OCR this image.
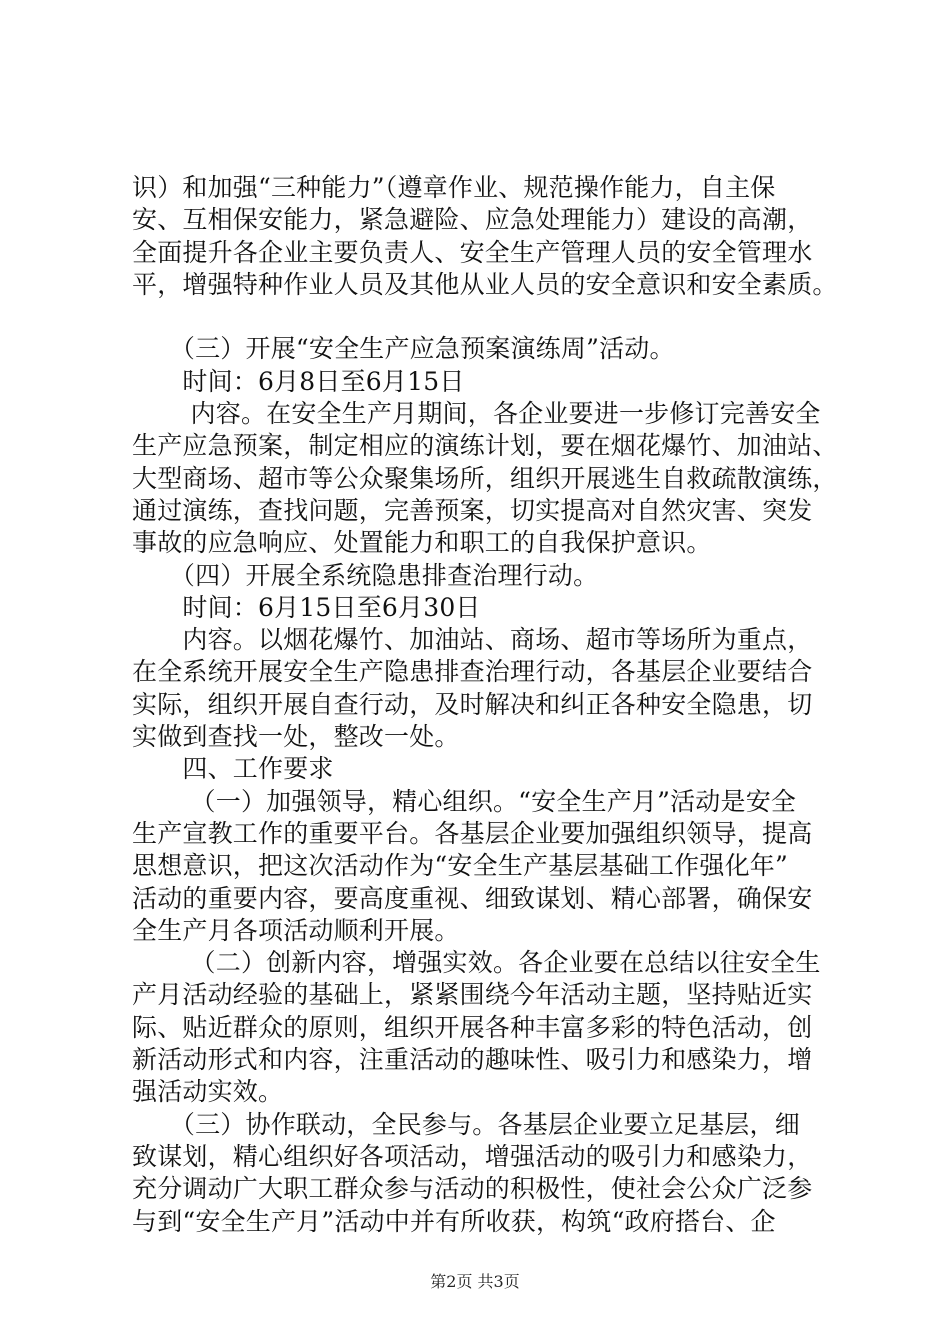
识）和加强“三种能力”（遵章作业、规范操作能力，自主保
安、互相保安能力，紧急避险、应急处理能力）建设的高潮，
全面提升各企业主要负责人、安全生产管理人员的安全管理水
平，增强特种作业人员及其他从业人员的安全意识和安全素质。
　　（三）开展“安全生产应急预案演练周”活动。
　　时间：6月8日至6月15日
　　 内容。在安全生产月期间，各企业要进一步修订完善安全
生产应急预案，制定相应的演练计划，要在烟花爆竹、加油站、
大型商场、超市等公众聚集场所，组织开展逃生自救疏散演练，
通过演练，查找问题，完善预案，切实提高对自然灾害、突发
事故的应急响应、处置能力和职工的自我保护意识。
　　（四）开展全系统隐患排查治理行动。
　　时间：6月15日至6月30日
　　内容。以烟花爆竹、加油站、商场、超市等场所为重点，
在全系统开展安全生产隐患排查治理行动，各基层企业要结合
实际，组织开展自查行动，及时解决和纠正各种安全隐患，切
实做到查找一处，整改一处。
　　四、工作要求
　　 （一）加强领导，精心组织。“安全生产月”活动是安全
生产宣教工作的重要平台。各基层企业要加强组织领导，提高
思想意识，把这次活动作为“安全生产基层基础工作强化年”
活动的重要内容，要高度重视、细致谋划、精心部署，确保安
全生产月各项活动顺利开展。
　　 （二）创新内容，增强实效。各企业要在总结以往安全生
产月活动经验的基础上，紧紧围绕今年活动主题，坚持贴近实
际、贴近群众的原则，组织开展各种丰富多彩的特色活动，创
新活动形式和内容，注重活动的趣味性、吸引力和感染力，增
强活动实效。
　　（三）协作联动，全民参与。各基层企业要立足基层，细
致谋划，精心组织好各项活动，增强活动的吸引力和感染力，
充分调动广大职工群众参与活动的积极性，使社会公众广泛参
与到“安全生产月”活动中并有所收获，构筑“政府搭台、企
第2页 共3页
